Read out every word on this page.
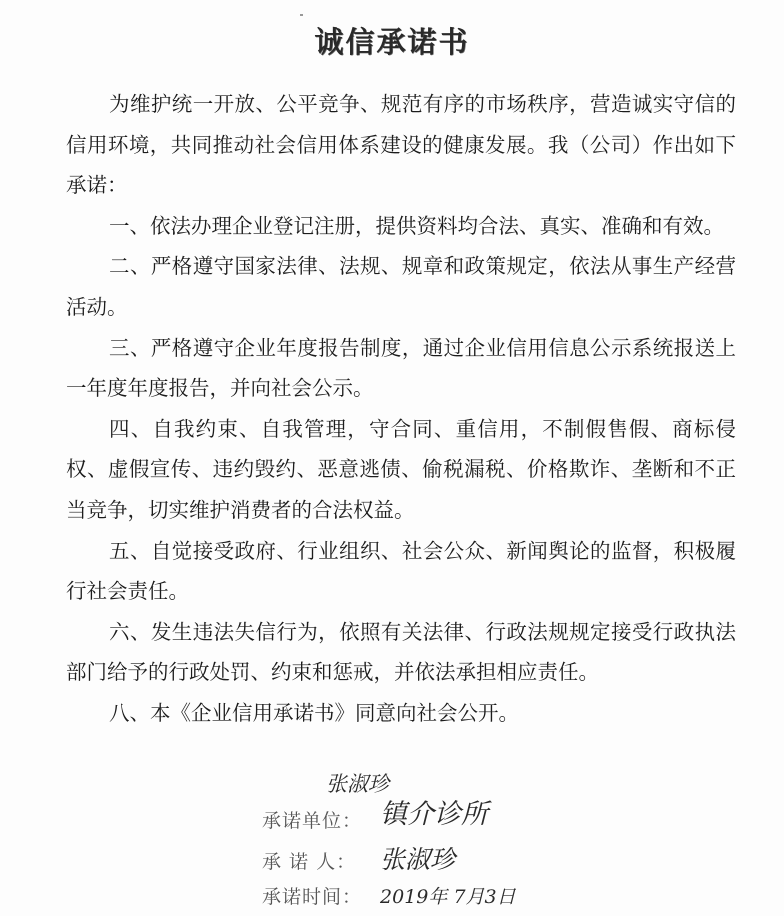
诚信承诺书

为维护统一开放、公平竞争、规范有序的市场秩序，营造诚实守信的信用环境，共同推动社会信用体系建设的健康发展。我（公司）作出如下承诺：

一、依法办理企业登记注册，提供资料均合法、真实、准确和有效。

二、严格遵守国家法律、法规、规章和政策规定，依法从事生产经营活动。

三、严格遵守企业年度报告制度，通过企业信用信息公示系统报送上一年度年度报告，并向社会公示。

四、自我约束、自我管理，守合同、重信用，不制假售假、商标侵权、虚假宣传、违约毁约、恶意逃债、偷税漏税、价格欺诈、垄断和不正当竞争，切实维护消费者的合法权益。

五、自觉接受政府、行业组织、社会公众、新闻舆论的监督，积极履行社会责任。

六、发生违法失信行为，依照有关法律、行政法规规定接受行政执法部门给予的行政处罚、约束和惩戒，并依法承担相应责任。

八、本《企业信用承诺书》同意向社会公开。

张淑珍
承诺单位： 镇介诊所
承 诺 人： 张淑珍
承诺时间： 2019年 7月3日
